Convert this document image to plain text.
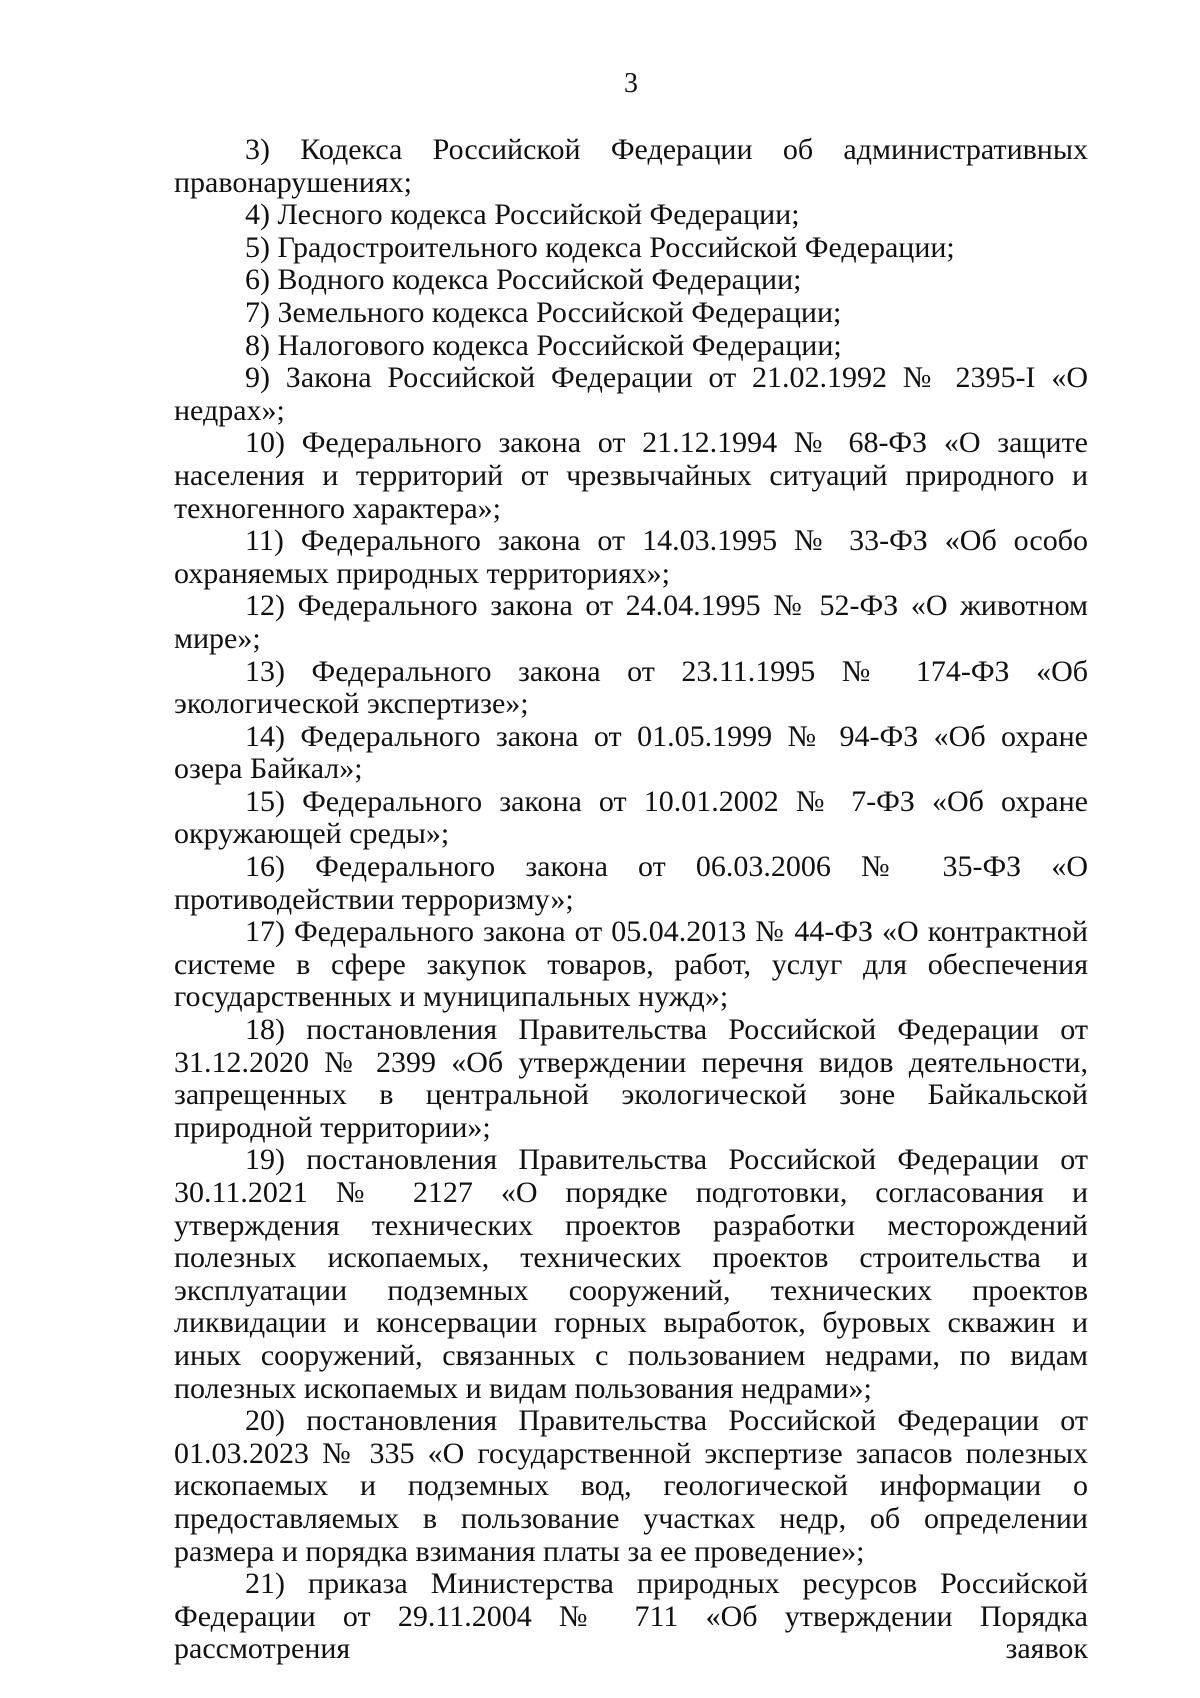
3

3) Кодекса Российской Федерации об административных правонарушениях;

4) Лесного кодекса Российской Федерации;

5) Градостроительного кодекса Российской Федерации;

6) Водного кодекса Российской Федерации;

7) Земельного кодекса Российской Федерации;

8) Налогового кодекса Российской Федерации;

9) Закона Российской Федерации от 21.02.1992 № 2395-I «О недрах»;

10) Федерального закона от 21.12.1994 № 68-ФЗ «О защите населения и территорий от чрезвычайных ситуаций природного и техногенного характера»;

11) Федерального закона от 14.03.1995 № 33-ФЗ «Об особо охраняемых природных территориях»;

12) Федерального закона от 24.04.1995 № 52-ФЗ «О животном мире»;

13) Федерального закона от 23.11.1995 № 174-ФЗ «Об экологической экспертизе»;

14) Федерального закона от 01.05.1999 № 94-ФЗ «Об охране озера Байкал»;

15) Федерального закона от 10.01.2002 № 7-ФЗ «Об охране окружающей среды»;

16) Федерального закона от 06.03.2006 № 35-ФЗ «О противодействии терроризму»;

17) Федерального закона от 05.04.2013 № 44-ФЗ «О контрактной системе в сфере закупок товаров, работ, услуг для обеспечения государственных и муниципальных нужд»;

18) постановления Правительства Российской Федерации от 31.12.2020 № 2399 «Об утверждении перечня видов деятельности, запрещенных в центральной экологической зоне Байкальской природной территории»;

19) постановления Правительства Российской Федерации от 30.11.2021 № 2127 «О порядке подготовки, согласования и утверждения технических проектов разработки месторождений полезных ископаемых, технических проектов строительства и эксплуатации подземных сооружений, технических проектов ликвидации и консервации горных выработок, буровых скважин и иных сооружений, связанных с пользованием недрами, по видам полезных ископаемых и видам пользования недрами»;

20) постановления Правительства Российской Федерации от 01.03.2023 № 335 «О государственной экспертизе запасов полезных ископаемых и подземных вод, геологической информации о предоставляемых в пользование участках недр, об определении размера и порядка взимания платы за ее проведение»;

21) приказа Министерства природных ресурсов Российской Федерации от 29.11.2004 № 711 «Об утверждении Порядка рассмотрения заявок
